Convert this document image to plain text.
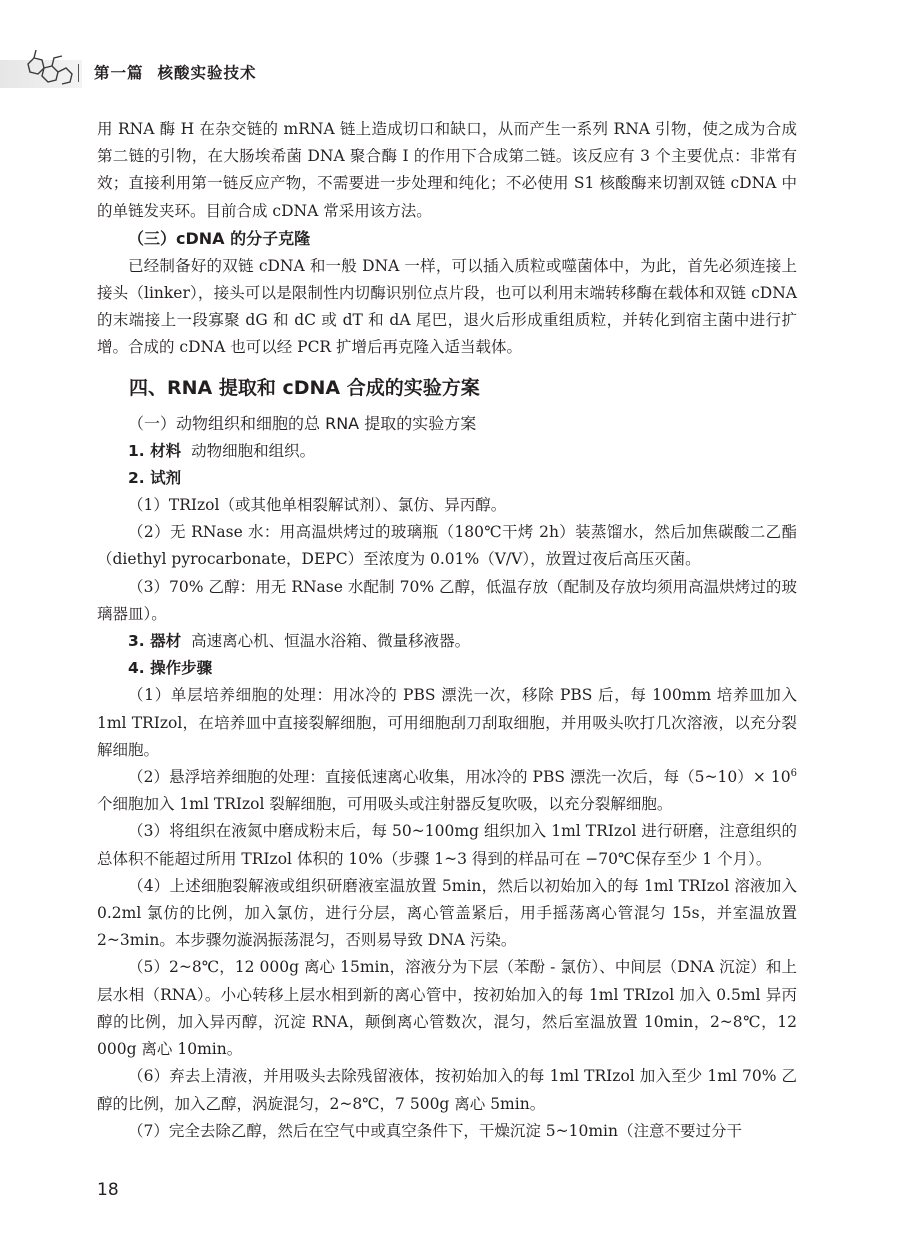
第一篇 核酸实验技术

用 RNA 酶 H 在杂交链的 mRNA 链上造成切口和缺口，从而产生一系列 RNA 引物，使之成为合成第二链的引物，在大肠埃希菌 DNA 聚合酶 I 的作用下合成第二链。该反应有 3 个主要优点：非常有效；直接利用第一链反应产物，不需要进一步处理和纯化；不必使用 S1 核酸酶来切割双链 cDNA 中的单链发夹环。目前合成 cDNA 常采用该方法。

（三）cDNA 的分子克隆

已经制备好的双链 cDNA 和一般 DNA 一样，可以插入质粒或噬菌体中，为此，首先必须连接上接头（linker），接头可以是限制性内切酶识别位点片段，也可以利用末端转移酶在载体和双链 cDNA 的末端接上一段寡聚 dG 和 dC 或 dT 和 dA 尾巴，退火后形成重组质粒，并转化到宿主菌中进行扩增。合成的 cDNA 也可以经 PCR 扩增后再克隆入适当载体。

四、RNA 提取和 cDNA 合成的实验方案
（一）动物组织和细胞的总 RNA 提取的实验方案
1. 材料 动物细胞和组织。
2. 试剂

（1）TRIzol（或其他单相裂解试剂）、氯仿、异丙醇。

（2）无 RNase 水：用高温烘烤过的玻璃瓶（180℃干烤 2h）装蒸馏水，然后加焦碳酸二乙酯（diethyl pyrocarbonate，DEPC）至浓度为 0.01%（V/V），放置过夜后高压灭菌。

（3）70% 乙醇：用无 RNase 水配制 70% 乙醇，低温存放（配制及存放均须用高温烘烤过的玻璃器皿）。

3. 器材 高速离心机、恒温水浴箱、微量移液器。
4. 操作步骤

（1）单层培养细胞的处理：用冰冷的 PBS 漂洗一次，移除 PBS 后，每 100mm 培养皿加入 1ml TRIzol，在培养皿中直接裂解细胞，可用细胞刮刀刮取细胞，并用吸头吹打几次溶液，以充分裂解细胞。

（2）悬浮培养细胞的处理：直接低速离心收集，用冰冷的 PBS 漂洗一次后，每（5~10）× $10^6$ 个细胞加入 1ml TRIzol 裂解细胞，可用吸头或注射器反复吹吸，以充分裂解细胞。

（3）将组织在液氮中磨成粉末后，每 50~100mg 组织加入 1ml TRIzol 进行研磨，注意组织的总体积不能超过所用 TRIzol 体积的 10%（步骤 1~3 得到的样品可在 −70℃保存至少 1 个月）。

（4）上述细胞裂解液或组织研磨液室温放置 5min，然后以初始加入的每 1ml TRIzol 溶液加入 0.2ml 氯仿的比例，加入氯仿，进行分层，离心管盖紧后，用手摇荡离心管混匀 15s，并室温放置 2~3min。本步骤勿漩涡振荡混匀，否则易导致 DNA 污染。

（5）2~8℃，12 000g 离心 15min，溶液分为下层（苯酚 - 氯仿）、中间层（DNA 沉淀）和上层水相（RNA）。小心转移上层水相到新的离心管中，按初始加入的每 1ml TRIzol 加入 0.5ml 异丙醇的比例，加入异丙醇，沉淀 RNA，颠倒离心管数次，混匀，然后室温放置 10min，2~8℃，12 000g 离心 10min。

（6）弃去上清液，并用吸头去除残留液体，按初始加入的每 1ml TRIzol 加入至少 1ml 70% 乙醇的比例，加入乙醇，涡旋混匀，2~8℃，7 500g 离心 5min。

（7）完全去除乙醇，然后在空气中或真空条件下，干燥沉淀 5~10min（注意不要过分干

18
